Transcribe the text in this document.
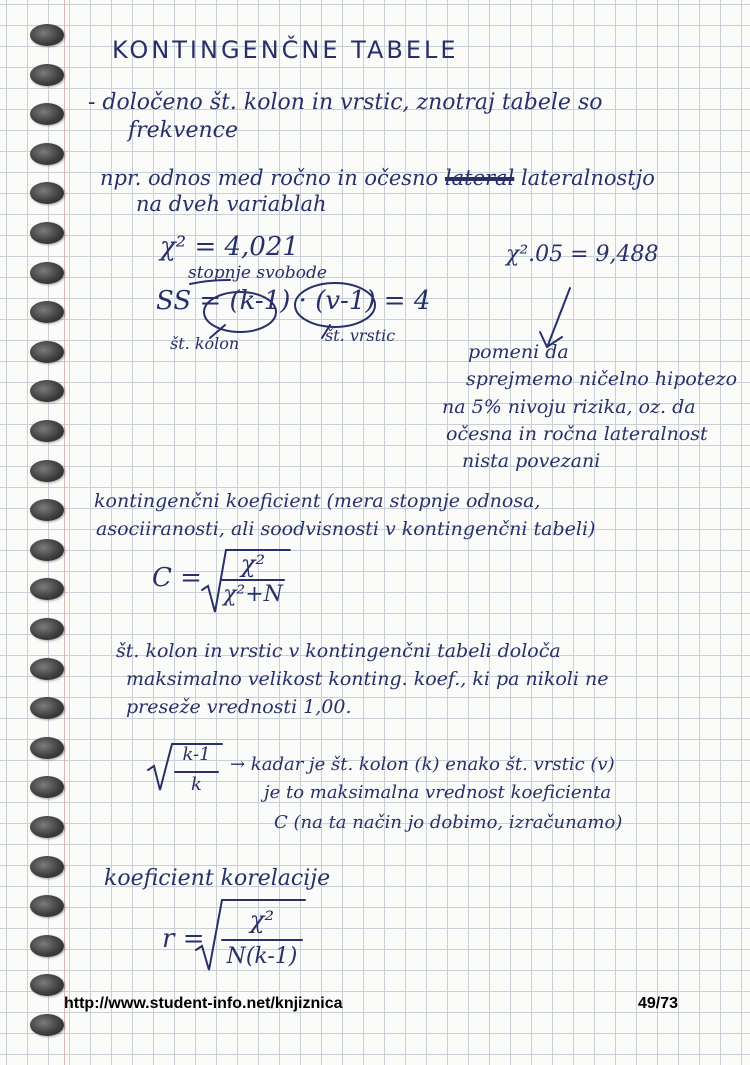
KONTINGENČNE TABELE
- določeno št. kolon in vrstic, znotraj tabele so
frekvence
npr. odnos med ročno in očesno lateral lateralnostjo
na dveh variablah
χ² = 4,021	χ².05 = 9,488
stopnje svobode
SS = (k-1) · (v-1) = 4
št. kolon	št. vrstic
pomeni da
sprejmemo ničelno hipotezo
na 5% nivoju rizika, oz. da
očesna in ročna lateralnost
nista povezani
kontingenčni koeficient (mera stopnje odnosa,
asociiranosti, ali soodvisnosti v kontingenčni tabeli)
C =	χ²
χ²+N
št. kolon in vrstic v kontingenčni tabeli določa
maksimalno velikost konting. koef., ki pa nikoli ne
preseže vrednosti 1,00.
k-1
k
→ kadar je št. kolon (k) enako št. vrstic (v)
je to maksimalna vrednost koeficienta
C (na ta način jo dobimo, izračunamo)
koeficient korelacije
r =
χ²
N(k-1)
http://www.student-info.net/knjiznica	49/73
